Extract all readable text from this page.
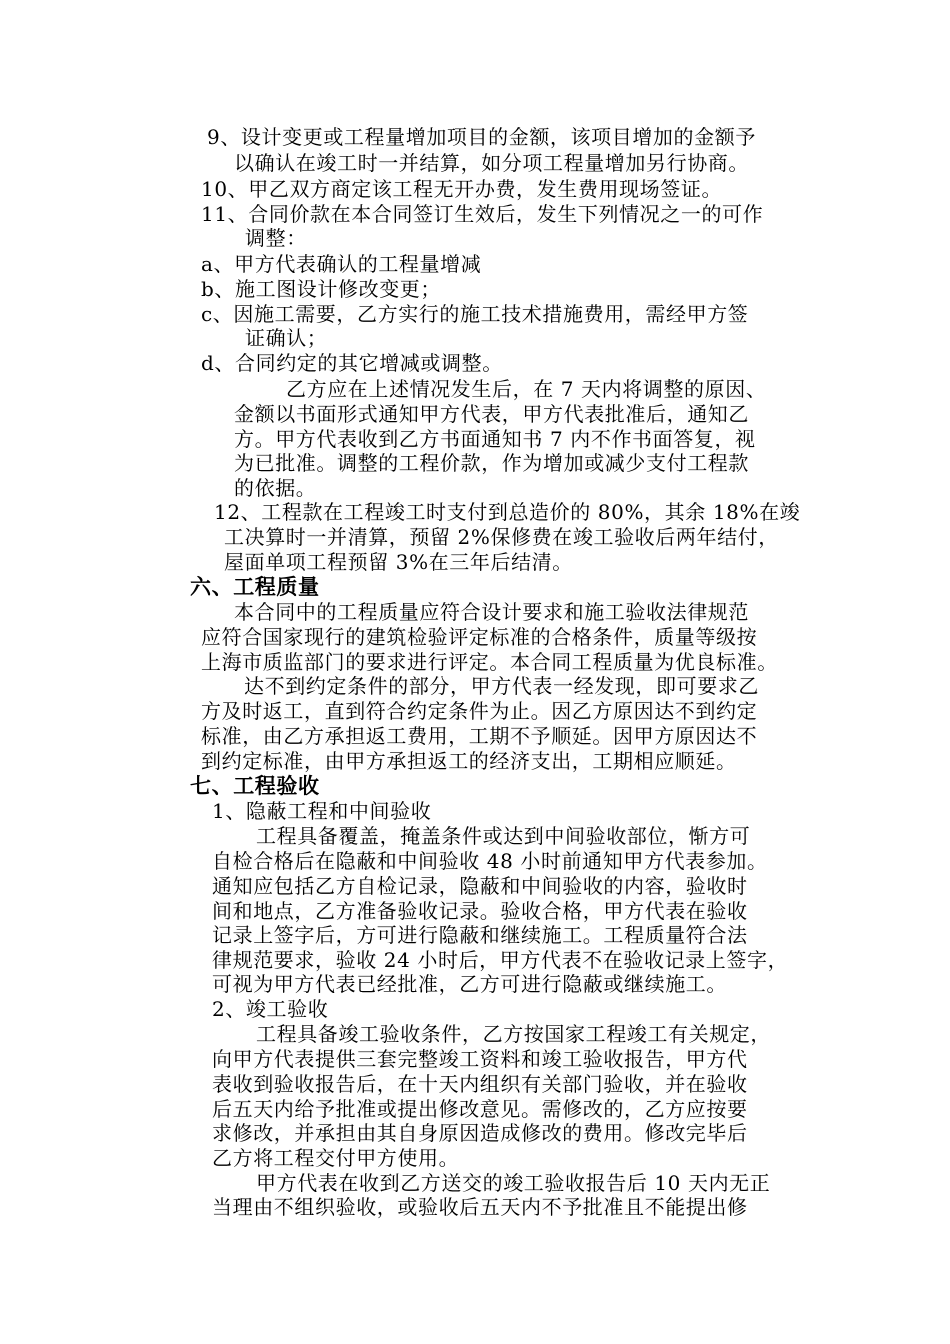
9、设计变更或工程量增加项目的金额，该项目增加的金额予
以确认在竣工时一并结算，如分项工程量增加另行协商。
10、甲乙双方商定该工程无开办费，发生费用现场签证。
11、合同价款在本合同签订生效后，发生下列情况之一的可作
调整：
a、甲方代表确认的工程量增减
b、施工图设计修改变更；
c、因施工需要，乙方实行的施工技术措施费用，需经甲方签
证确认；
d、合同约定的其它增减或调整。
乙方应在上述情况发生后，在 7 天内将调整的原因、
金额以书面形式通知甲方代表，甲方代表批准后，通知乙
方。甲方代表收到乙方书面通知书 7 内不作书面答复，视
为已批准。调整的工程价款，作为增加或减少支付工程款
的依据。
12、工程款在工程竣工时支付到总造价的 80%，其余 18%在竣
工决算时一并清算，预留 2%保修费在竣工验收后两年结付，
屋面单项工程预留 3%在三年后结清。
六、工程质量
本合同中的工程质量应符合设计要求和施工验收法律规范
应符合国家现行的建筑检验评定标准的合格条件，质量等级按
上海市质监部门的要求进行评定。本合同工程质量为优良标准。
达不到约定条件的部分，甲方代表一经发现，即可要求乙
方及时返工，直到符合约定条件为止。因乙方原因达不到约定
标准，由乙方承担返工费用，工期不予顺延。因甲方原因达不
到约定标准，由甲方承担返工的经济支出，工期相应顺延。
七、工程验收
1、隐蔽工程和中间验收
工程具备覆盖，掩盖条件或达到中间验收部位，惭方可
自检合格后在隐蔽和中间验收 48 小时前通知甲方代表参加。
通知应包括乙方自检记录，隐蔽和中间验收的内容，验收时
间和地点，乙方准备验收记录。验收合格，甲方代表在验收
记录上签字后，方可进行隐蔽和继续施工。工程质量符合法
律规范要求，验收 24 小时后，甲方代表不在验收记录上签字，
可视为甲方代表已经批准，乙方可进行隐蔽或继续施工。
2、竣工验收
工程具备竣工验收条件，乙方按国家工程竣工有关规定，
向甲方代表提供三套完整竣工资料和竣工验收报告，甲方代
表收到验收报告后，在十天内组织有关部门验收，并在验收
后五天内给予批准或提出修改意见。需修改的，乙方应按要
求修改，并承担由其自身原因造成修改的费用。修改完毕后
乙方将工程交付甲方使用。
甲方代表在收到乙方送交的竣工验收报告后 10 天内无正
当理由不组织验收，或验收后五天内不予批准且不能提出修
